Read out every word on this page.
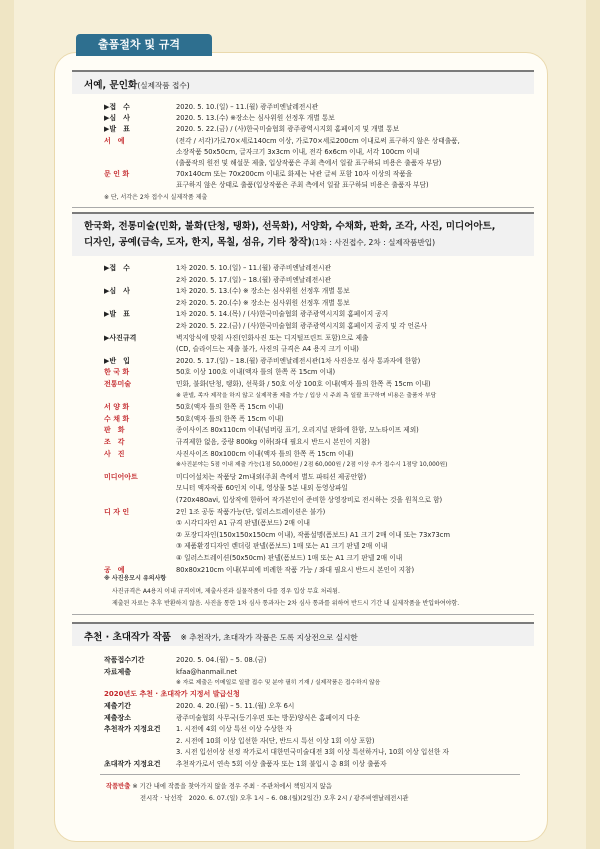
출품절차 및 규격
서예, 문인화(실제작품 접수)
▶접　수	2020. 5. 10.(일) – 11.(월) 광주비엔날레전시관
▶심　사	2020. 5. 13.(수) ※장소는 심사위원 선정후 개별 통보
▶발　표	2020. 5. 22.(금) / (사)한국미술협회 광주광역시지회 홈페이지 및 개별 통보
서　예	(전각 / 서각)가로70×세로140cm 이상, 가로70×세로200cm 이내로써 표구하지 않은 상태출품,
소장작품 50x50cm, 글자크기 3x3cm 이내, 전각 6x6cm 이내, 서각 100cm 이내
(출품작의 원전 및 해설문 제출, 입상작품은 주최 측에서 일괄 표구하되 비용은 출품자 부담)
문 인 화	70x140cm 또는 70x200cm 이내로 화제는 낙관 글씨 포함 10자 이상의 작품을
표구하지 않은 상태로 출품(입상작품은 주최 측에서 일괄 표구하되 비용은 출품자 부담)
※ 단, 서각은 2차 접수시 실제작품 제출
한국화, 전통미술(민화, 불화(단청, 탱화), 선묵화), 서양화, 수채화, 판화, 조각, 사진, 미디어아트,
디자인, 공예(금속, 도자, 한지, 목칠, 섬유, 기타 창작)(1차 : 사진접수, 2차 : 실제작품반입)
▶접　수	1차 2020. 5. 10.(일) – 11.(월) 광주비엔날레전시관
2차 2020. 5. 17.(일) – 18.(월) 광주비엔날레전시관
▶심　사	1차 2020. 5. 13.(수) ※ 장소는 심사위원 선정후 개별 통보
2차 2020. 5. 20.(수) ※ 장소는 심사위원 선정후 개별 통보
▶발　표	1차 2020. 5. 14.(목) / (사)한국미술협회 광주광역시지회 홈페이지 공지
2차 2020. 5. 22.(금) / (사)한국미술협회 광주광역시지회 홈페이지 공지 및 각 언론사
▶사진규격	벽지앙식에 맞춰 사진(인화사진 또는 디지털프린트 포함)으로 제출
(CD, 슬라이드는 제출 불가, 사진의 규격은 A4 용지 크기 이내)
▶반　입	2020. 5. 17.(일) – 18.(월) 광주비엔날레전시관(1차 사진응모 심사 통과자에 한함)
한 국 화	50호 이상 100호 이내(액자 틀의 한쪽 폭 15cm 이내)
전통미술	민화, 불화(단청, 탱화), 선묵화 / 50호 이상 100호 이내(액자 틀의 한쪽 폭 15cm 이내)
※ 판넬, 족자 제작을 하지 않고 실제작품 제출 가능 / 입상 시 주최 측 일괄 표구하며 비용은 출품자 부담
서 양 화	50호(액자 틀의 한쪽 폭 15cm 이내)
수 채 화	50호(액자 틀의 한쪽 폭 15cm 이내)
판　화	종이사이즈 80x110cm 이내(넘버링 표기, 오리지널 판화에 한함, 모노타이프 제외)
조　각	규격제한 없음, 중량 800kg 이하(좌대 필요시 반드시 본인이 지참)
사　진	사진사이즈 80x100cm 이내(액자 틀의 한쪽 폭 15cm 이내)
※사진분야는 5점 이내 제출 가능(1점 50,000원 / 2점 60,000원 / 2점 이상 추가 접수시 1점당 10,000원)
미디어아트	미디어설치는 작품당 2m내외(주최 측에서 별도 파티션 제공안함)
모니터 액자작품 60인치 이내, 영상물 5분 내외 동영상파일
(720x480avi, 입상작에 한하여 작가본인이 준비한 상영장비로 전시하는 것을 원칙으로 함)
디 자 인	2인 1조 공동 작품가능(단, 일러스트레이션은 불가)
① 시각디자인 A1 규격 판넬(폼보드) 2매 이내
② 포장디자인(150x150x150cm 이내), 작품설명(폼보드) A1 크기 2매 이내 또는 73x73cm
③ 제품환경디자인 렌더링 판넬(폼보드) 1매 또는 A1 크기 판넬 2매 이내
④ 일러스트레이션(50x50cm) 판넬(폼보드) 1매 또는 A1 크기 판넬 2매 이내
공　예	80x80x210cm 이내(부피에 비례한 작품 가능 / 좌대 필요시 반드시 본인이 지참)
※ 사진응모시 유의사항
사진규격은 A4용지 이내 규격이며, 제출사진과 실물작품이 다를 경우 입상 무효 처리됨.
제출된 자료는 추후 반환하지 않음. 사진을 통한 1차 심사 통과자는 2차 심사 통과를 위하여 반드시 기간 내 실제작품을 반입하여야함.
추천 · 초대작가 작품　 ※ 추천작가, 초대작가 작품은 도록 지상전으로 실시한
작품접수기간	2020. 5. 04.(월) – 5. 08.(금)
자료제출	kfaa@hanmail.net
※ 자료 제출은 이메일로 일괄 접수 및 분야 필히 기재 / 실제작품은 접수하지 않음
2020년도 추천 · 초대작가 지정서 발급신청
제출기간	2020. 4. 20.(월) – 5. 11.(월) 오후 6시
제출장소	광주미술협회 사무국(등기우편 또는 방문)양식은 홈페이지 다운
추천작가 지정요건 1. 시전에 4회 이상 특선 이상 수상한 자
2. 시전에 10회 이상 입선한 자(단, 반드시 특선 이상 1회 이상 포함)
3. 시전 입선이상 선정 작가로서 대한민국미술대전 3회 이상 특선하거나, 10회 이상 입선한 자
초대작가 지정요건 추천작가로서 연속 5회 이상 출품자 또는 1회 불입시 총 8회 이상 출품자
작품반출 ※ 기간 내에 작품을 찾아가지 않을 경우 주최 · 주관처에서 책임지지 않음
전시작 · 낙선작　2020. 6. 07.(일) 오후 1시 – 6. 08.(월)(2일간) 오후 2시 / 광주비엔날레전시관
